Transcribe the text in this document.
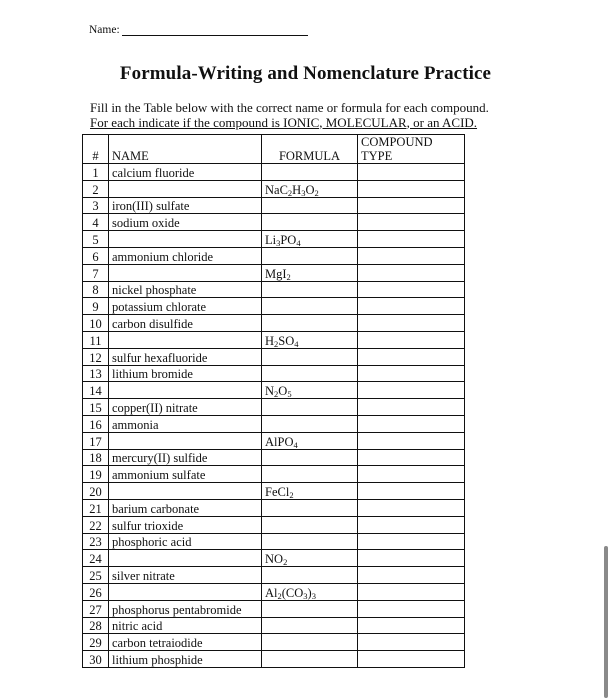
Name:
Formula-Writing and Nomenclature Practice
Fill in the Table below with the correct name or formula for each compound.
For each indicate if the compound is IONIC, MOLECULAR, or an ACID.
#	NAME	FORMULA	COMPOUND
TYPE

1	calcium fluoride		
2		$NaC_2H_3O_2$	
3	iron(III) sulfate		
4	sodium oxide		
5		$Li_3PO_4$	
6	ammonium chloride		
7		MgI$_2$	
8	nickel phosphate		
9	potassium chlorate		
10	carbon disulfide		
11		$H_2SO_4$	
12	sulfur hexafluoride		
13	lithium bromide		
14		$N_2O_5$	
15	copper(II) nitrate		
16	ammonia		
17		AlPO$_4$	
18	mercury(II) sulfide		
19	ammonium sulfate		
20		FeCl$_2$	
21	barium carbonate		
22	sulfur trioxide		
23	phosphoric acid		
24		$NO_2$	
25	silver nitrate		
26		$Al_2(CO_3)_3$	
27	phosphorus pentabromide		
28	nitric acid		
29	carbon tetraiodide		
30	lithium phosphide		
